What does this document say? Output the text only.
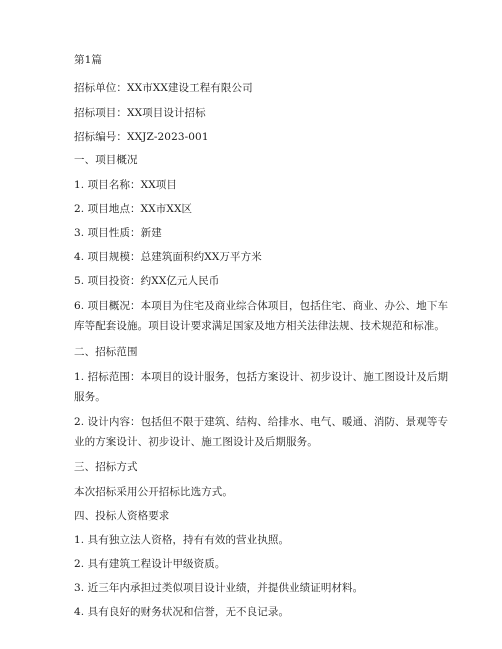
第1篇
招标单位：XX市XX建设工程有限公司
招标项目：XX项目设计招标
招标编号：XXJZ-2023-001
一、项目概况
1. 项目名称：XX项目
2. 项目地点：XX市XX区
3. 项目性质：新建
4. 项目规模：总建筑面积约XX万平方米
5. 项目投资：约XX亿元人民币
6. 项目概况：本项目为住宅及商业综合体项目，包括住宅、商业、办公、地下车
库等配套设施。项目设计要求满足国家及地方相关法律法规、技术规范和标准。
二、招标范围
1. 招标范围：本项目的设计服务，包括方案设计、初步设计、施工图设计及后期
服务。
2. 设计内容：包括但不限于建筑、结构、给排水、电气、暖通、消防、景观等专
业的方案设计、初步设计、施工图设计及后期服务。
三、招标方式
本次招标采用公开招标比选方式。
四、投标人资格要求
1. 具有独立法人资格，持有有效的营业执照。
2. 具有建筑工程设计甲级资质。
3. 近三年内承担过类似项目设计业绩，并提供业绩证明材料。
4. 具有良好的财务状况和信誉，无不良记录。
